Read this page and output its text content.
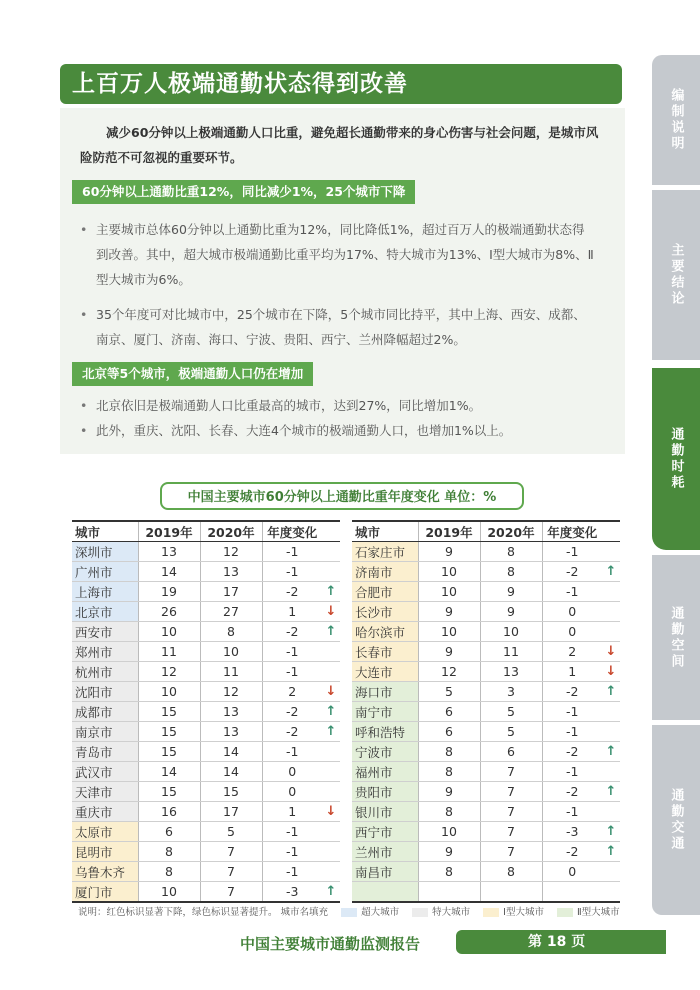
上百万人极端通勤状态得到改善
减少60分钟以上极端通勤人口比重，避免超长通勤带来的身心伤害与社会问题，是城市风险防范不可忽视的重要环节。
60分钟以上通勤比重12%，同比减少1%，25个城市下降
• 主要城市总体60分钟以上通勤比重为12%，同比降低1%，超过百万人的极端通勤状态得到改善。其中，超大城市极端通勤比重平均为17%、特大城市为13%、Ⅰ型大城市为8%、Ⅱ型大城市为6%。
• 35个年度可对比城市中，25个城市在下降，5个城市同比持平，其中上海、西安、成都、南京、厦门、济南、海口、宁波、贵阳、西宁、兰州降幅超过2%。
北京等5个城市，极端通勤人口仍在增加
• 北京依旧是极端通勤人口比重最高的城市，达到27%，同比增加1%。
• 此外，重庆、沈阳、长春、大连4个城市的极端通勤人口，也增加1%以上。
中国主要城市60分钟以上通勤比重年度变化 单位：%
城市	2019年	2020年	年度变化	
深圳市	13	12	-1	
广州市	14	13	-1	
上海市	19	17	-2	↑
北京市	26	27	1	↓
西安市	10	8	-2	↑
郑州市	11	10	-1	
杭州市	12	11	-1	
沈阳市	10	12	2	↓
成都市	15	13	-2	↑
南京市	15	13	-2	↑
青岛市	15	14	-1	
武汉市	14	14	0	
天津市	15	15	0	
重庆市	16	17	1	↓
太原市	6	5	-1	
昆明市	8	7	-1	
乌鲁木齐	8	7	-1	
厦门市	10	7	-3	↑
城市	2019年	2020年	年度变化	
石家庄市	9	8	-1	
济南市	10	8	-2	↑
合肥市	10	9	-1	
长沙市	9	9	0	
哈尔滨市	10	10	0	
长春市	9	11	2	↓
大连市	12	13	1	↓
海口市	5	3	-2	↑
南宁市	6	5	-1	
呼和浩特	6	5	-1	
宁波市	8	6	-2	↑
福州市	8	7	-1	
贵阳市	9	7	-2	↑
银川市	8	7	-1	
西宁市	10	7	-3	↑
兰州市	9	7	-2	↑
南昌市	8	8	0	

说明：红色标识显著下降，绿色标识显著提升。 城市名填充	超大城市	特大城市	Ⅰ型大城市	Ⅱ型大城市
中国主要城市通勤监测报告	第 18 页
编制说明
主要结论
通勤时耗
通勤空间
通勤交通
